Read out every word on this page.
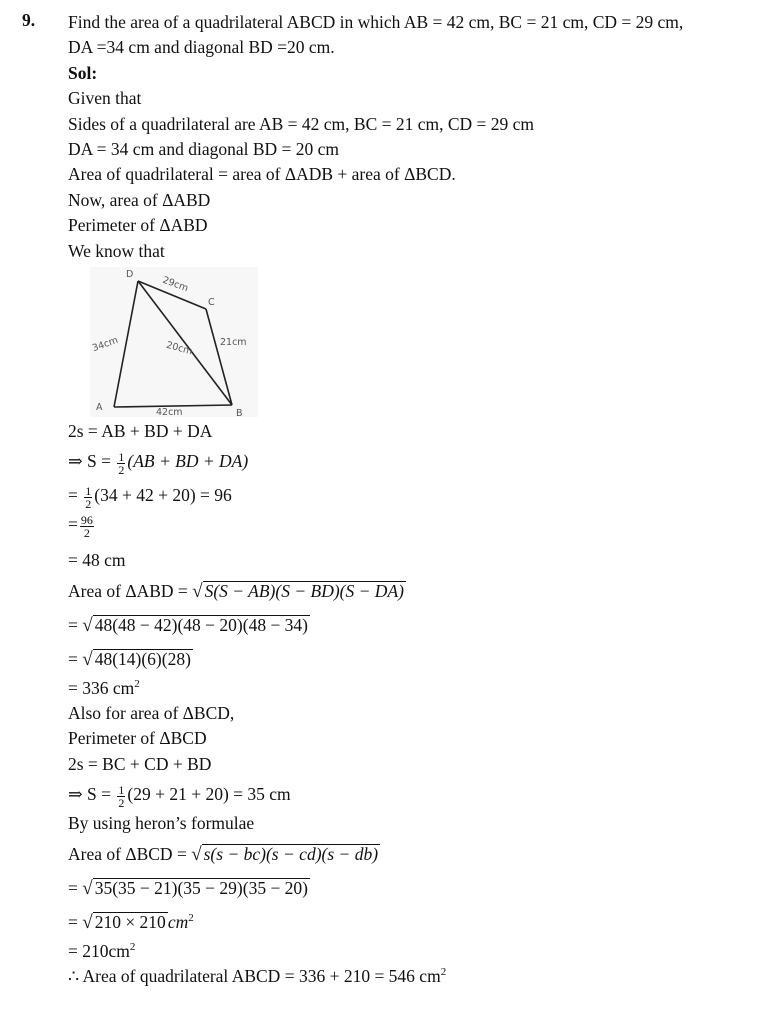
9. Find the area of a quadrilateral ABCD in which AB = 42 cm, BC = 21 cm, CD = 29 cm,
DA =34 cm and diagonal BD =20 cm.
Sol:
Given that
Sides of a quadrilateral are AB = 42 cm, BC = 21 cm, CD = 29 cm
DA = 34 cm and diagonal BD = 20 cm
Area of quadrilateral = area of ΔADB + area of ΔBCD.
Now, area of ΔABD
Perimeter of ΔABD
We know that
D
C
A
B
29cm
21cm
34cm	20cm
42cm
2s = AB + BD + DA
⇒ $S = \frac{1}{2} (AB$ + BD + DA)
= $\frac{1}{2} (34 + 42 + 20) = 96$
= $\frac{96}{2}$
= 48 cm
Area of ΔABD = √ S(S − AB)(S − BD)(S − DA)
= √ 48(48 − 42)(48 − 20)(48 − 34)
= √ 48(14)(6)(28)
= 336 $cm^2$
Also for area of ΔBCD,
Perimeter of ΔBCD
2s = BC + CD + BD
⇒ $S = \frac{1}{2} (29 + 21 + 20) = 35$ cm
By using heron’s formulae
Area of ΔBCD = √ s(s − bc)(s − cd)(s − db)
= √ 35(35 − 21)(35 − 29)(35 − 20)
= √ 210 × 210 $cm^2$
= $210cm^2$
∴ Area of quadrilateral ABCD = 336 + 210 = 546 $cm^2$
